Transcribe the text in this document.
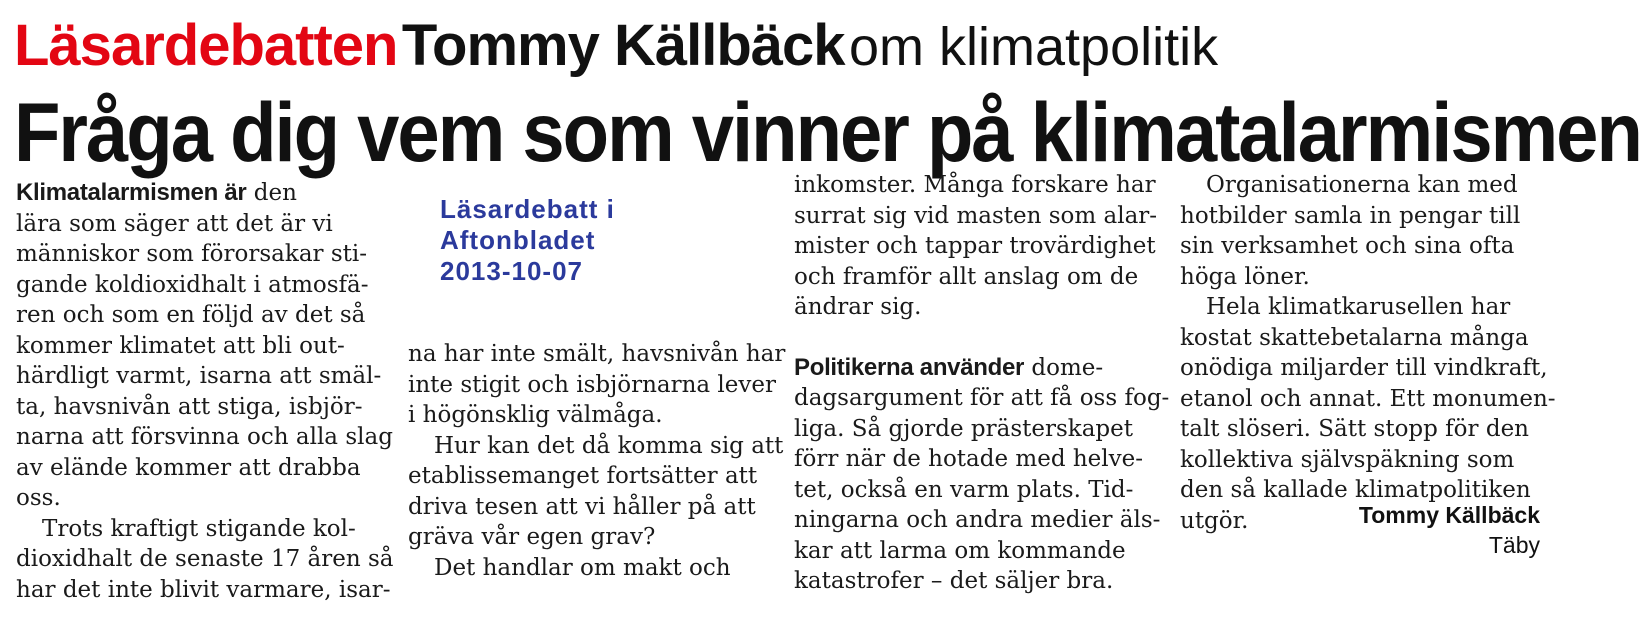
Läsardebatten Tommy Källbäck om klimatpolitik
Fråga dig vem som vinner på klimatalarmismen
Läsardebatt i
Aftonbladet
2013-10-07

Klimatalarmismen är den

lära som säger att det är vi

människor som förorsakar sti-

gande koldioxidhalt i atmosfä-

ren och som en följd av det så

kommer klimatet att bli out-

härdligt varmt, isarna att smäl-

ta, havsnivån att stiga, isbjör-

narna att försvinna och alla slag

av elände kommer att drabba

oss.

Trots kraftigt stigande kol-

dioxidhalt de senaste 17 åren så

har det inte blivit varmare, isar-

na har inte smält, havsnivån har

inte stigit och isbjörnarna lever

i högönsklig välmåga.

Hur kan det då komma sig att

etablissemanget fortsätter att

driva tesen att vi håller på att

gräva vår egen grav?

Det handlar om makt och

inkomster. Många forskare har

surrat sig vid masten som alar-

mister och tappar trovärdighet

och framför allt anslag om de

ändrar sig.

Politikerna använder dome-

dagsargument för att få oss fog-

liga. Så gjorde prästerskapet

förr när de hotade med helve-

tet, också en varm plats. Tid-

ningarna och andra medier äls-

kar att larma om kommande

katastrofer – det säljer bra.

Organisationerna kan med

hotbilder samla in pengar till

sin verksamhet och sina ofta

höga löner.

Hela klimatkarusellen har

kostat skattebetalarna många

onödiga miljarder till vindkraft,

etanol och annat. Ett monumen-

talt slöseri. Sätt stopp för den

kollektiva självspäkning som

den så kallade klimatpolitiken

utgör.	Tommy Källbäck
Täby
